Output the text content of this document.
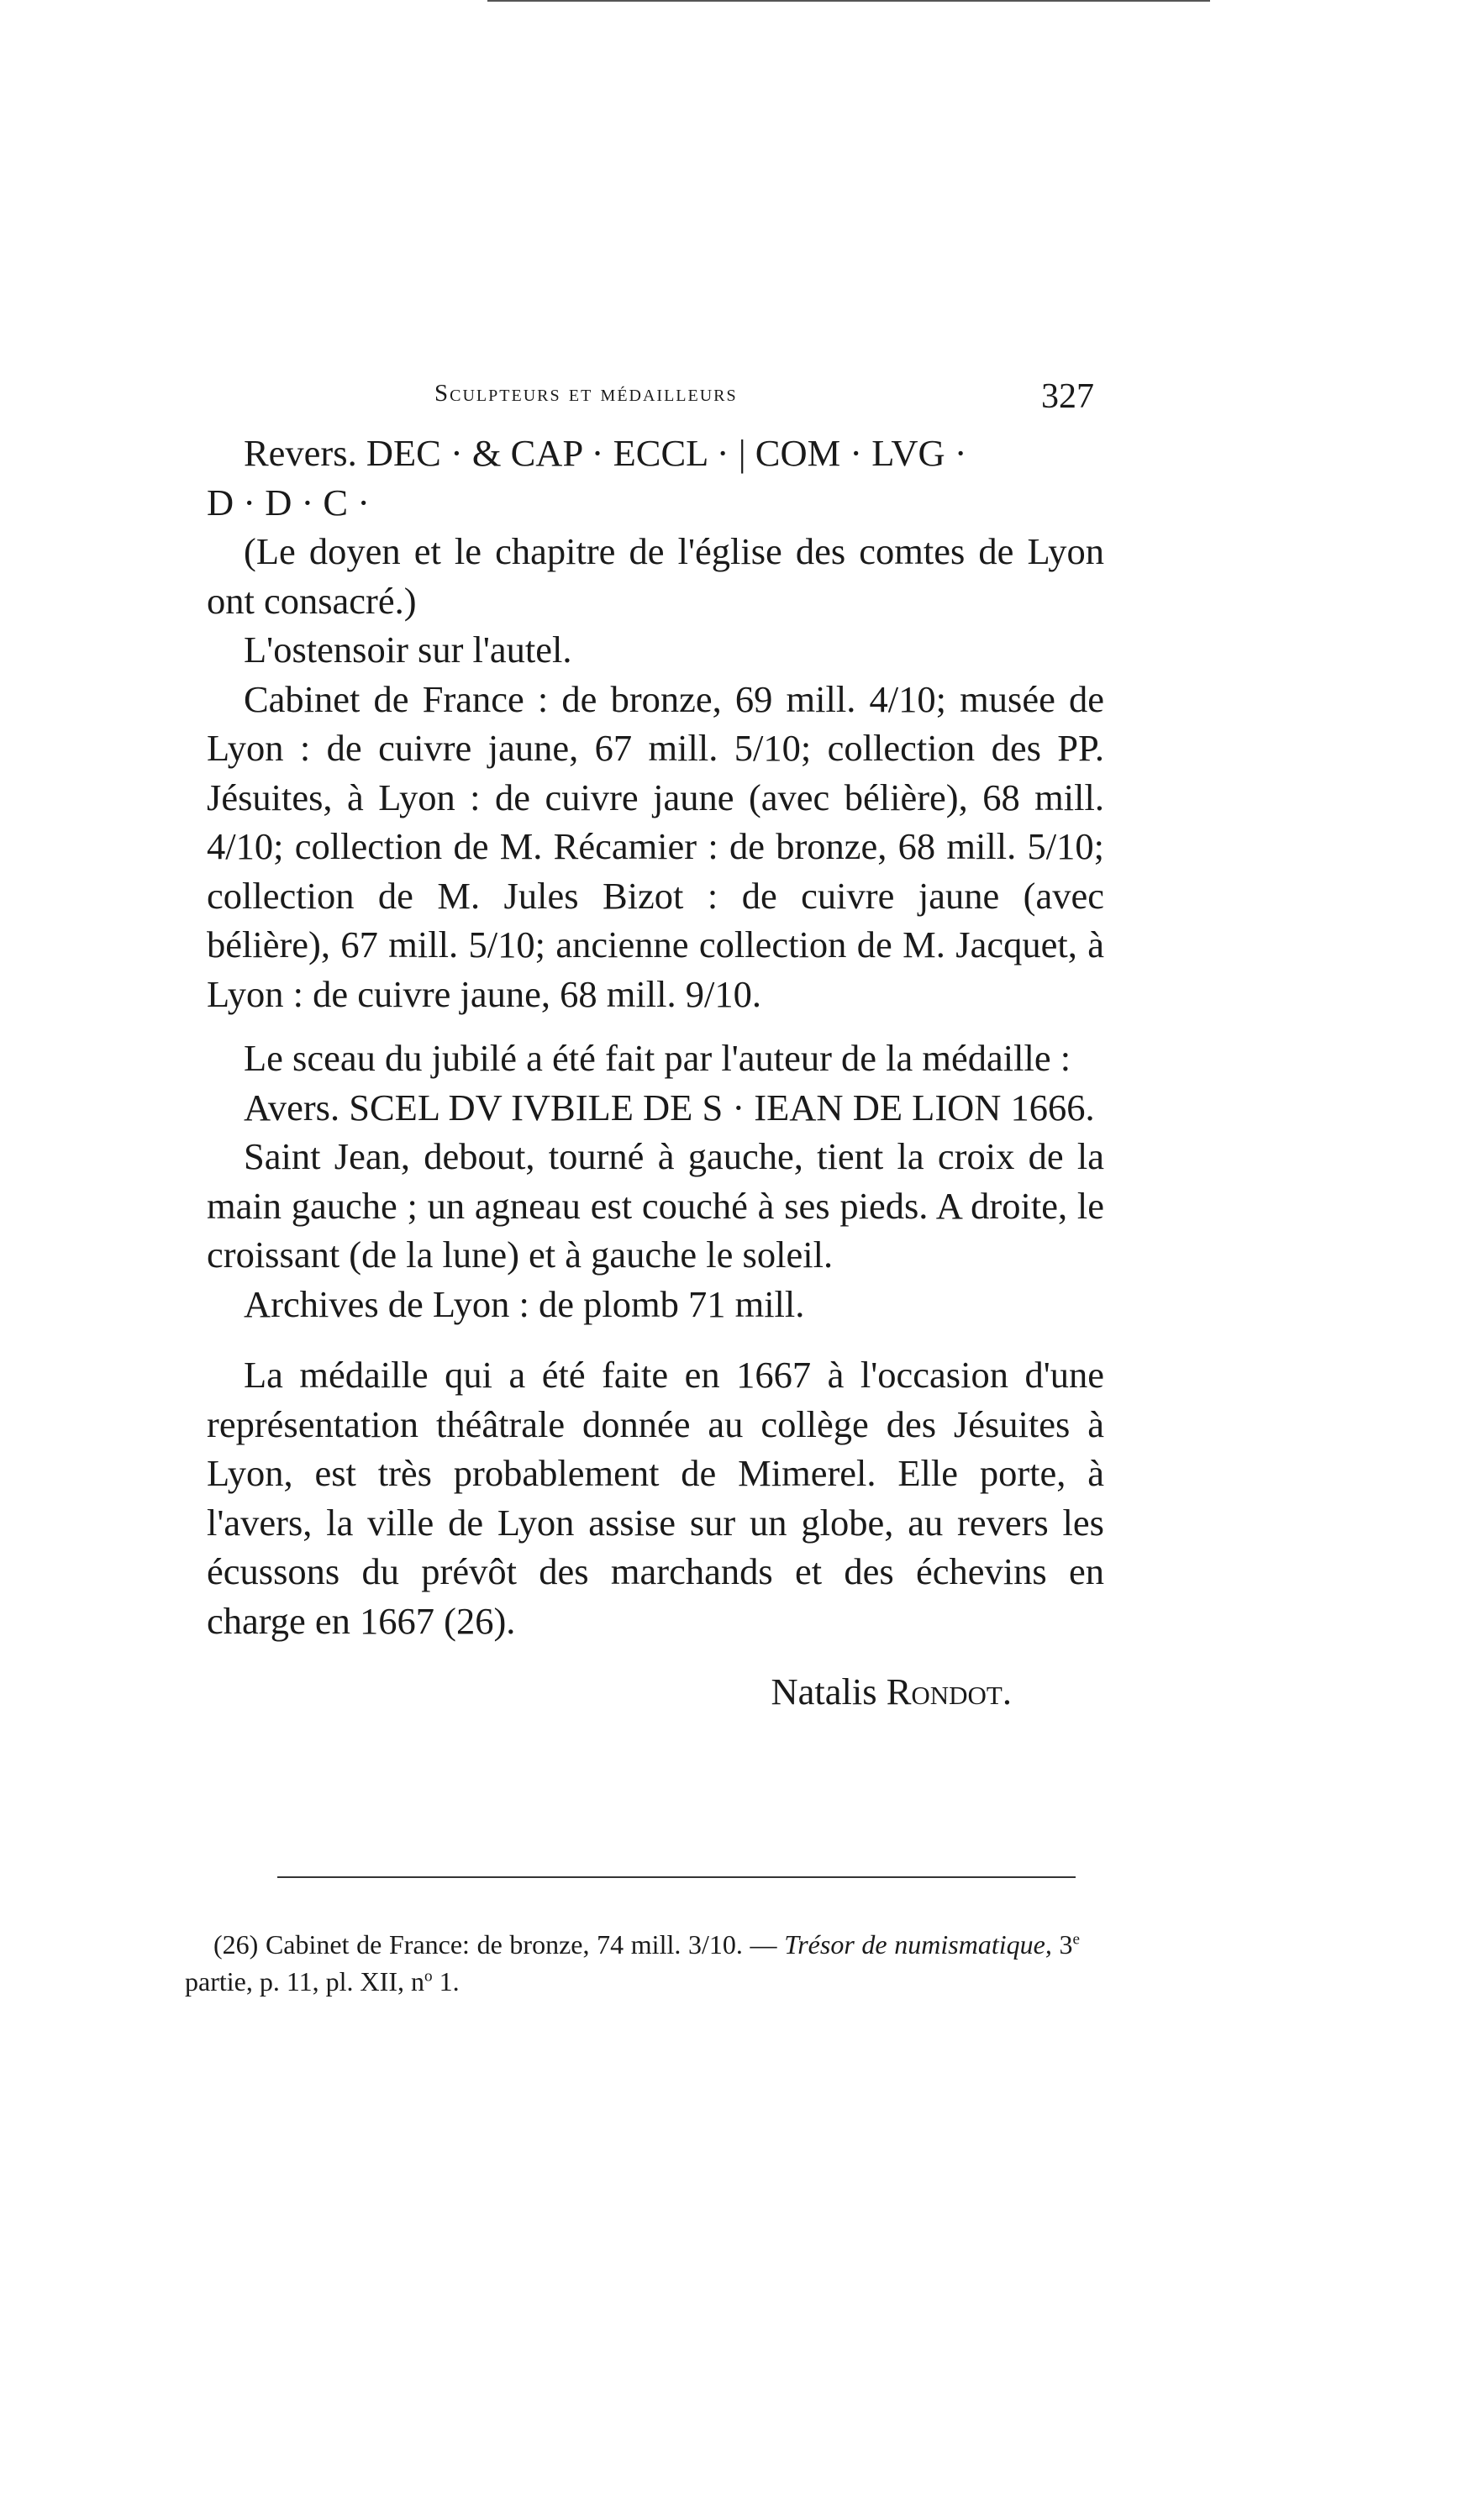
Sculpteurs et médailleurs	327

Revers. DEC · & CAP · ECCL · | COM · LVG ·

D · D · C ·

(Le doyen et le chapitre de l'église des comtes de Lyon ont consacré.)

L'ostensoir sur l'autel.

Cabinet de France : de bronze, 69 mill. 4/10; musée de Lyon : de cuivre jaune, 67 mill. 5/10; collection des PP. Jésuites, à Lyon : de cuivre jaune (avec bélière), 68 mill. 4/10; collection de M. Récamier : de bronze, 68 mill. 5/10; collection de M. Jules Bizot : de cuivre jaune (avec bélière), 67 mill. 5/10; ancienne collection de M. Jacquet, à Lyon : de cuivre jaune, 68 mill. 9/10.

Le sceau du jubilé a été fait par l'auteur de la médaille :

Avers. SCEL DV IVBILE DE S · IEAN DE LION 1666.

Saint Jean, debout, tourné à gauche, tient la croix de la main gauche ; un agneau est couché à ses pieds. A droite, le croissant (de la lune) et à gauche le soleil.

Archives de Lyon : de plomb 71 mill.

La médaille qui a été faite en 1667 à l'occasion d'une représentation théâtrale donnée au collège des Jésuites à Lyon, est très probablement de Mimerel. Elle porte, à l'avers, la ville de Lyon assise sur un globe, au revers les écussons du prévôt des marchands et des échevins en charge en 1667 (26).

Natalis Rondot.

(26) Cabinet de France: de bronze, 74 mill. 3/10. — Trésor de numismatique, 3e partie, p. 11, pl. XII, $n^o$ 1.
